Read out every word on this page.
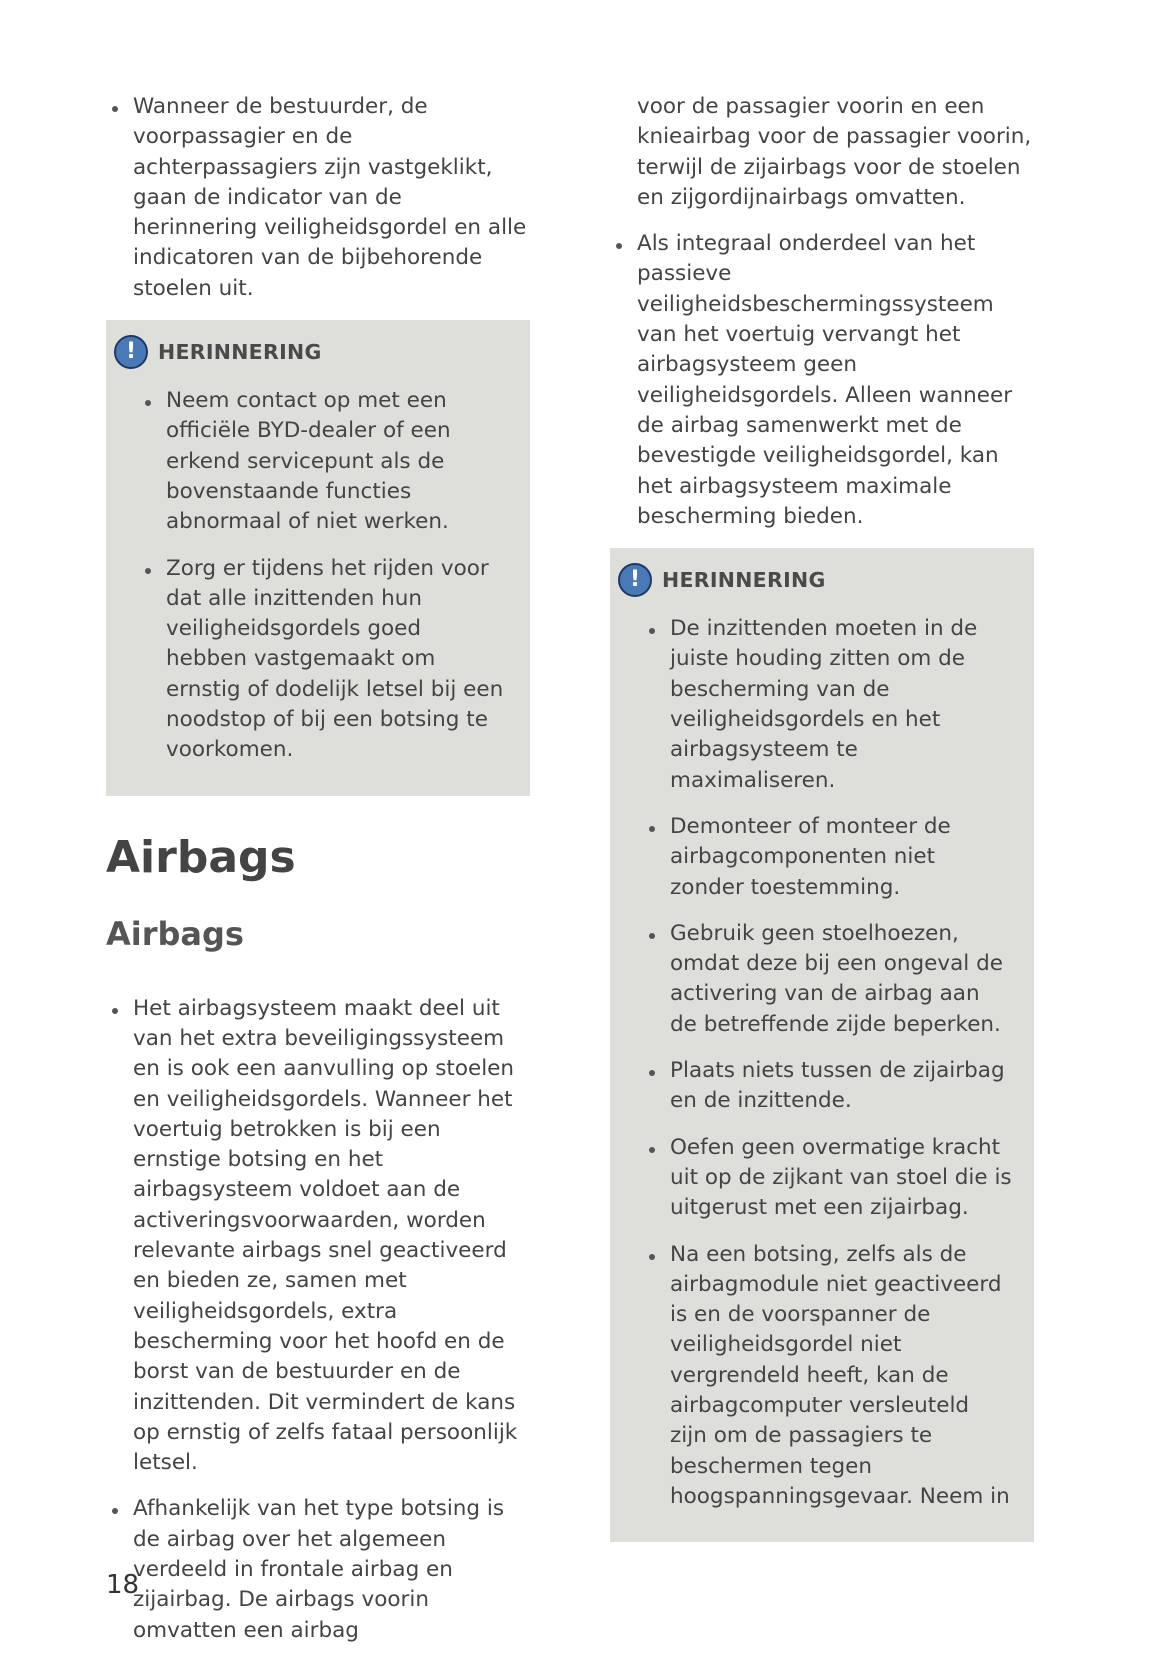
Wanneer de bestuurder, de voorpassagier en de achterpassagiers zijn vastgeklikt, gaan de indicator van de herinnering veiligheidsgordel en alle indicatoren van de bijbehorende stoelen uit.
! HERINNERING
Neem contact op met een officiële BYD-dealer of een erkend servicepunt als de bovenstaande functies abnormaal of niet werken.
Zorg er tijdens het rijden voor dat alle inzittenden hun veiligheidsgordels goed hebben vastgemaakt om ernstig of dodelijk letsel bij een noodstop of bij een botsing te voorkomen.
Airbags
Airbags
Het airbagsysteem maakt deel uit van het extra beveiligingssysteem en is ook een aanvulling op stoelen en veiligheidsgordels. Wanneer het voertuig betrokken is bij een ernstige botsing en het airbagsysteem voldoet aan de activeringsvoorwaarden, worden relevante airbags snel geactiveerd en bieden ze, samen met veiligheidsgordels, extra bescherming voor het hoofd en de borst van de bestuurder en de inzittenden. Dit vermindert de kans op ernstig of zelfs fataal persoonlijk letsel.
Afhankelijk van het type botsing is de airbag over het algemeen verdeeld in frontale airbag en zijairbag. De airbags voorin omvatten een airbag

voor de passagier voorin en een knieairbag voor de passagier voorin, terwijl de zijairbags voor de stoelen en zijgordijnairbags omvatten.

Als integraal onderdeel van het passieve veiligheidsbeschermingssysteem van het voertuig vervangt het airbagsysteem geen veiligheidsgordels. Alleen wanneer de airbag samenwerkt met de bevestigde veiligheidsgordel, kan het airbagsysteem maximale bescherming bieden.
! HERINNERING
De inzittenden moeten in de juiste houding zitten om de bescherming van de veiligheidsgordels en het airbagsysteem te maximaliseren.
Demonteer of monteer de airbagcomponenten niet zonder toestemming.
Gebruik geen stoelhoezen, omdat deze bij een ongeval de activering van de airbag aan de betreffende zijde beperken.
Plaats niets tussen de zijairbag en de inzittende.
Oefen geen overmatige kracht uit op de zijkant van stoel die is uitgerust met een zijairbag.
Na een botsing, zelfs als de airbagmodule niet geactiveerd is en de voorspanner de veiligheidsgordel niet vergrendeld heeft, kan de airbagcomputer versleuteld zijn om de passagiers te beschermen tegen hoogspanningsgevaar. Neem in
18
